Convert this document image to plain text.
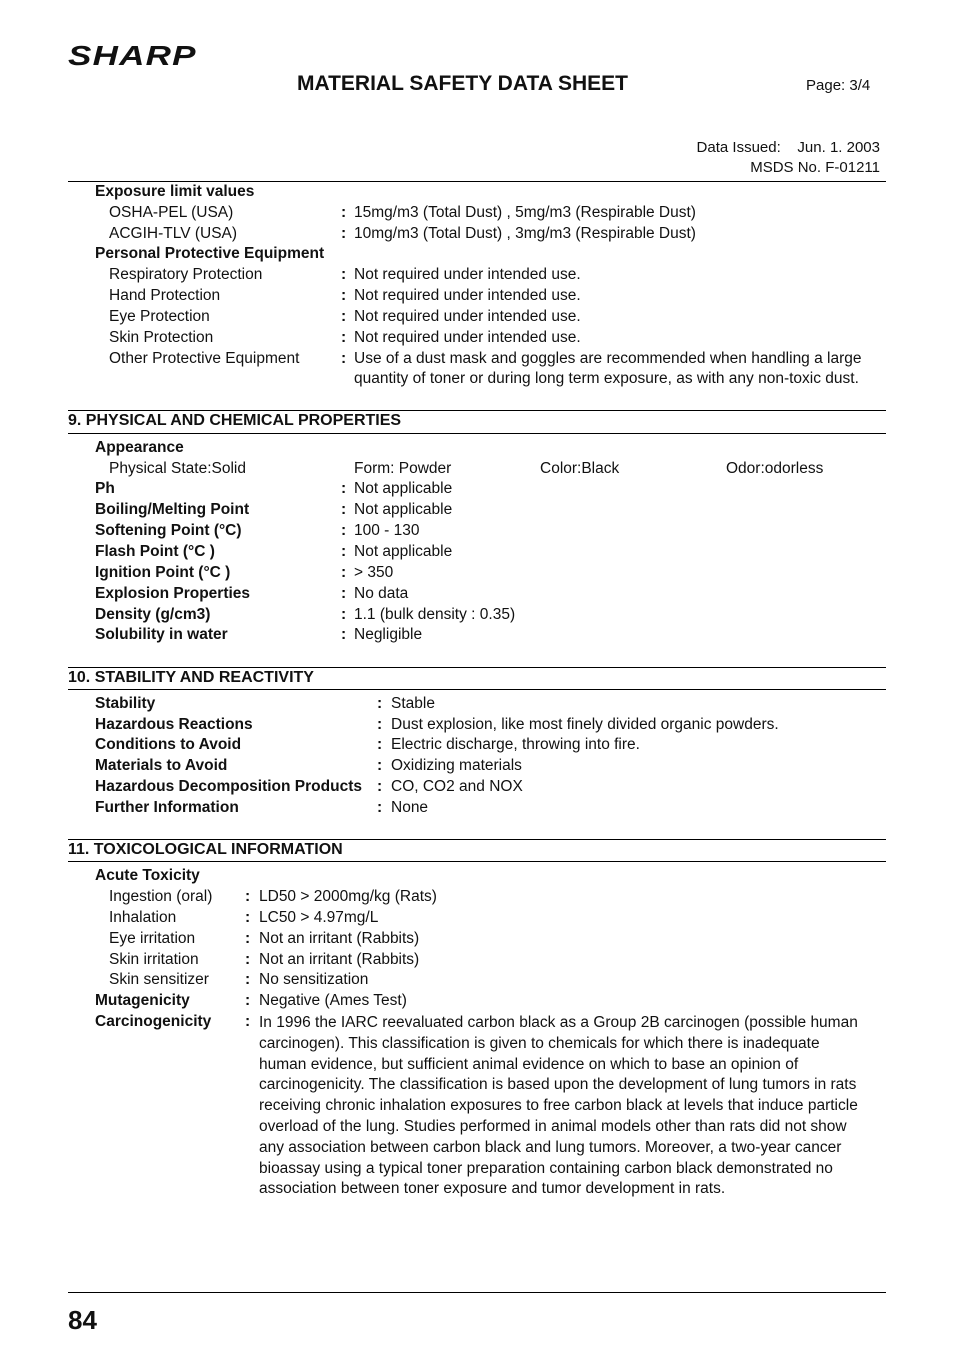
SHARP
MATERIAL SAFETY DATA SHEET	Page: 3/4
Data Issued:    Jun. 1. 2003
MSDS No. F-01211
Exposure limit values
OSHA-PEL (USA)	: 15mg/m3 (Total Dust) , 5mg/m3 (Respirable Dust)
ACGIH-TLV (USA)	: 10mg/m3 (Total Dust) , 3mg/m3 (Respirable Dust)
Personal Protective Equipment
Respiratory Protection	: Not required under intended use.
Hand Protection	: Not required under intended use.
Eye Protection	: Not required under intended use.
Skin Protection	: Not required under intended use.
Other Protective Equipment	: Use of a dust mask and goggles are recommended when handling a large
quantity of toner or during long term exposure, as with any non-toxic dust.
9. PHYSICAL AND CHEMICAL PROPERTIES
Appearance
Physical State:Solid	Form: Powder	Color:Black	Odor:odorless
Ph	: Not applicable
Boiling/Melting Point	: Not applicable
Softening Point (°C)	: 100 - 130
Flash Point (°C )	: Not applicable
Ignition Point (°C )	: > 350
Explosion Properties	: No data
Density (g/cm3)	: 1.1 (bulk density : 0.35)
Solubility in water	: Negligible
10. STABILITY AND REACTIVITY
Stability	: Stable
Hazardous Reactions	: Dust explosion, like most finely divided organic powders.
Conditions to Avoid	: Electric discharge, throwing into fire.
Materials to Avoid	: Oxidizing materials
Hazardous Decomposition Products : CO, CO2 and NOX
Further Information	: None
11. TOXICOLOGICAL INFORMATION
Acute Toxicity
Ingestion (oral) : LD50 > 2000mg/kg (Rats)
Inhalation	: LC50 > 4.97mg/L
Eye irritation	: Not an irritant (Rabbits)
Skin irritation	: Not an irritant (Rabbits)
Skin sensitizer : No sensitization
Mutagenicity	: Negative (Ames Test)
Carcinogenicity : In 1996 the IARC reevaluated carbon black as a Group 2B carcinogen (possible human
carcinogen). This classification is given to chemicals for which there is inadequate
human evidence, but sufficient animal evidence on which to base an opinion of
carcinogenicity. The classification is based upon the development of lung tumors in rats
receiving chronic inhalation exposures to free carbon black at levels that induce particle
overload of the lung. Studies performed in animal models other than rats did not show
any association between carbon black and lung tumors. Moreover, a two-year cancer
bioassay using a typical toner preparation containing carbon black demonstrated no
association between toner exposure and tumor development in rats.
84
